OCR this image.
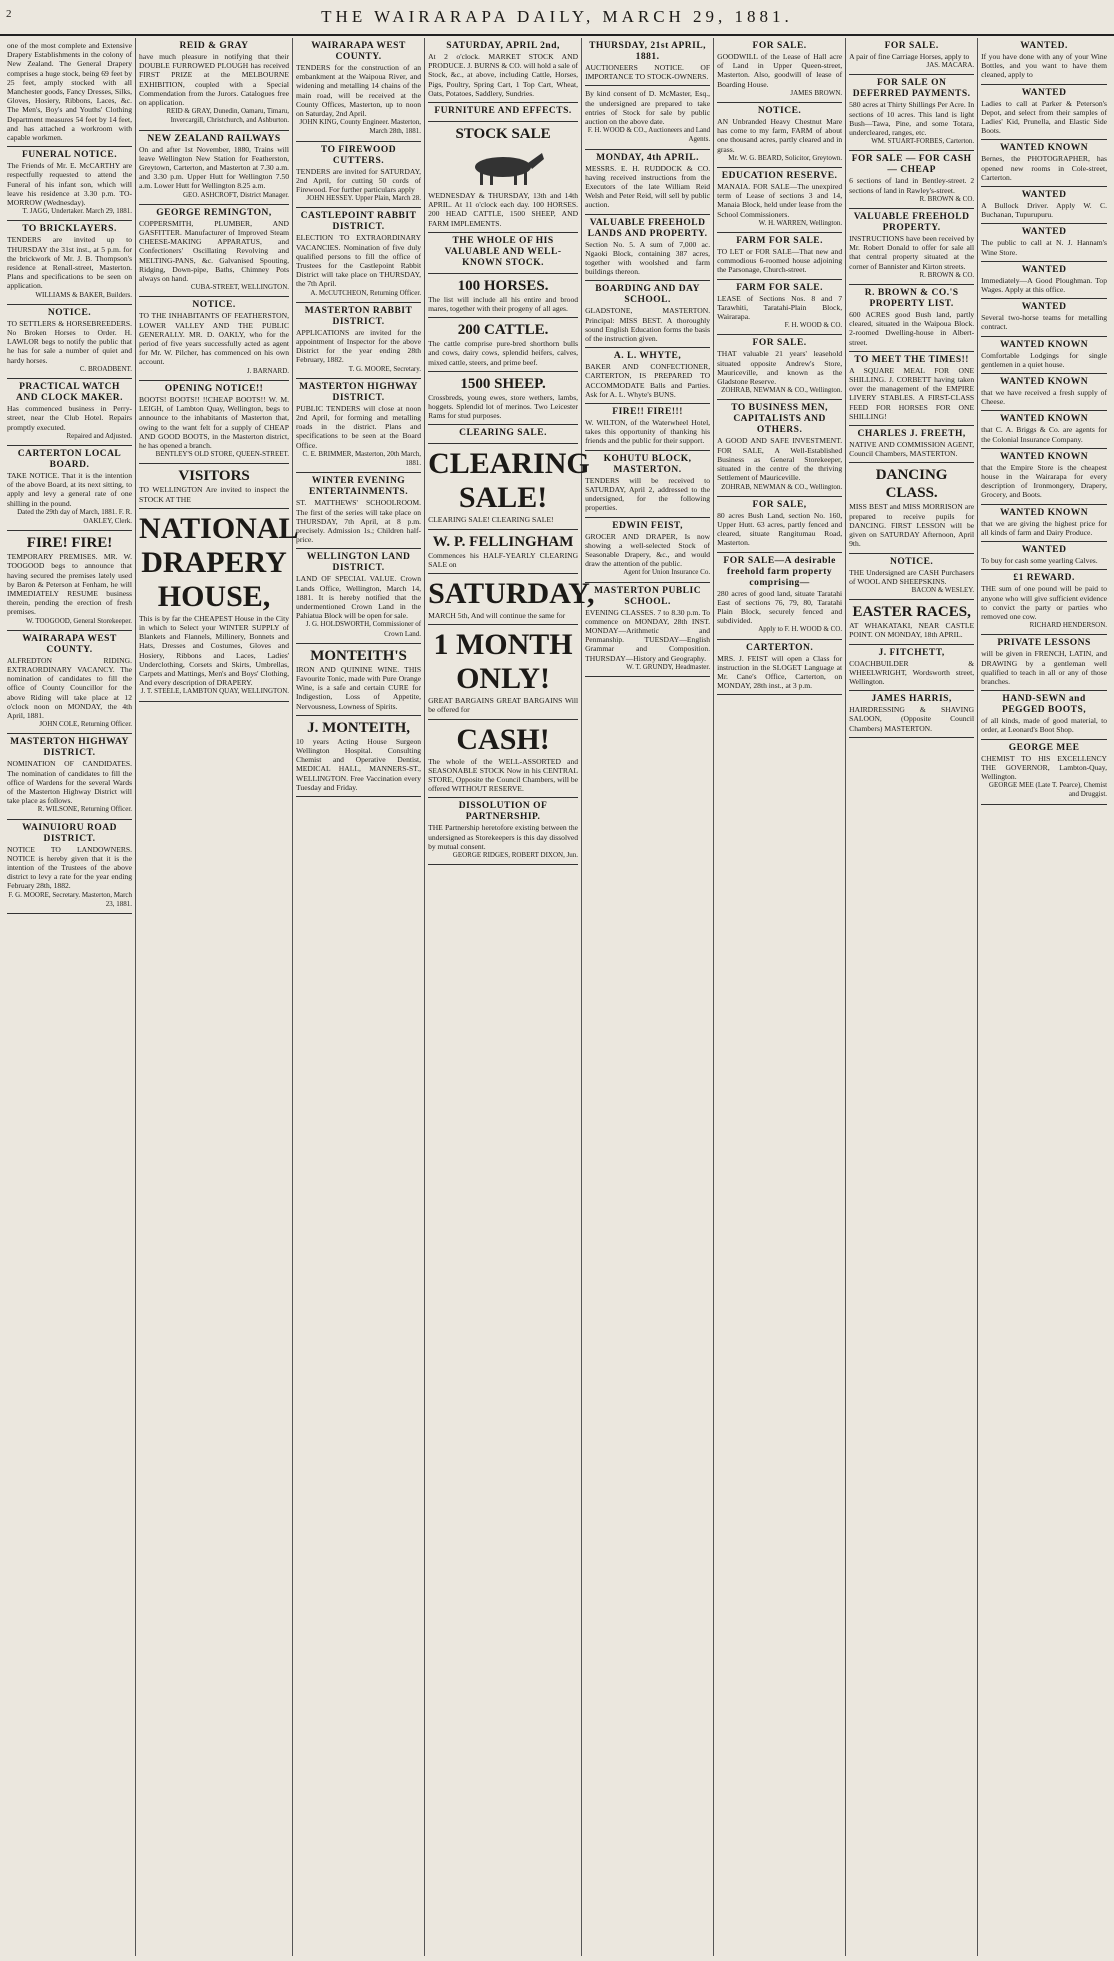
2	THE WAIRARAPA DAILY, MARCH 29, 1881.

one of the most complete and Extensive Drapery Establishments in the colony of New Zealand. The General Drapery comprises a huge stock, being 69 feet by 25 feet, amply stocked with all Manchester goods, Fancy Dresses, Silks, Gloves, Hosiery, Ribbons, Laces, &c. The Men's, Boy's and Youths' Clothing Department measures 54 feet by 14 feet, and has attached a workroom with capable workmen.

FUNERAL NOTICE.

The Friends of Mr. E. McCARTHY are respectfully requested to attend the Funeral of his infant son, which will leave his residence at 3.30 p.m. TO-MORROW (Wednesday).

T. JAGG, Undertaker. March 29, 1881.
TO BRICKLAYERS.

TENDERS are invited up to THURSDAY the 31st inst., at 5 p.m. for the brickwork of Mr. J. B. Thompson's residence at Renall-street, Masterton. Plans and specifications to be seen on application.

WILLIAMS & BAKER, Builders.
NOTICE.

TO SETTLERS & HORSEBREEDERS. No Broken Horses to Order. H. LAWLOR begs to notify the public that he has for sale a number of quiet and hardy horses.

C. BROADBENT.
PRACTICAL WATCH AND CLOCK MAKER.

Has commenced business in Perry-street, near the Club Hotel. Repairs promptly executed.

Repaired and Adjusted.
CARTERTON LOCAL BOARD.

TAKE NOTICE. That it is the intention of the above Board, at its next sitting, to apply and levy a general rate of one shilling in the pound.

Dated the 29th day of March, 1881. F. R. OAKLEY, Clerk.
FIRE! FIRE!

TEMPORARY PREMISES. MR. W. TOOGOOD begs to announce that having secured the premises lately used by Baron & Peterson at Fenham, he will IMMEDIATELY RESUME business therein, pending the erection of fresh premises.

W. TOOGOOD, General Storekeeper.
WAIRARAPA WEST COUNTY.

ALFREDTON RIDING. EXTRAORDINARY VACANCY. The nomination of candidates to fill the office of County Councillor for the above Riding will take place at 12 o'clock noon on MONDAY, the 4th April, 1881.

JOHN COLE, Returning Officer.
MASTERTON HIGHWAY DISTRICT.

NOMINATION OF CANDIDATES. The nomination of candidates to fill the office of Wardens for the several Wards of the Masterton Highway District will take place as follows.

R. WILSONE, Returning Officer.
WAINUIORU ROAD DISTRICT.

NOTICE TO LANDOWNERS. NOTICE is hereby given that it is the intention of the Trustees of the above district to levy a rate for the year ending February 28th, 1882.

F. G. MOORE, Secretary. Masterton, March 23, 1881.
REID & GRAY

have much pleasure in notifying that their DOUBLE FURROWED PLOUGH has received FIRST PRIZE at the MELBOURNE EXHIBITION, coupled with a Special Commendation from the Jurors. Catalogues free on application.

REID & GRAY, Dunedin, Oamaru, Timaru, Invercargill, Christchurch, and Ashburton.
NEW ZEALAND RAILWAYS

On and after 1st November, 1880, Trains will leave Wellington New Station for Featherston, Greytown, Carterton, and Masterton at 7.30 a.m. and 3.30 p.m. Upper Hutt for Wellington 7.50 a.m. Lower Hutt for Wellington 8.25 a.m.

GEO. ASHCROFT, District Manager.
GEORGE REMINGTON,

COPPERSMITH, PLUMBER, AND GASFITTER. Manufacturer of Improved Steam CHEESE-MAKING APPARATUS, and Confectioners' Oscillating Revolving and MELTING-PANS, &c. Galvanised Spouting, Ridging, Down-pipe, Baths, Chimney Pots always on hand.

CUBA-STREET, WELLINGTON.
NOTICE.

TO THE INHABITANTS OF FEATHERSTON, LOWER VALLEY AND THE PUBLIC GENERALLY. MR. D. OAKLY, who for the period of five years successfully acted as agent for Mr. W. Pilcher, has commenced on his own account.

J. BARNARD.
OPENING NOTICE!!

BOOTS! BOOTS!! !!CHEAP BOOTS!! W. M. LEIGH, of Lambton Quay, Wellington, begs to announce to the inhabitants of Masterton that, owing to the want felt for a supply of CHEAP AND GOOD BOOTS, in the Masterton district, he has opened a branch.

BENTLEY'S OLD STORE, QUEEN-STREET.
VISITORS

TO WELLINGTON Are invited to inspect the STOCK AT THE

NATIONAL DRAPERY HOUSE,

This is by far the CHEAPEST House in the City in which to Select your WINTER SUPPLY of Blankets and Flannels, Millinery, Bonnets and Hats, Dresses and Costumes, Gloves and Hosiery, Ribbons and Laces, Ladies' Underclothing, Corsets and Skirts, Umbrellas, Carpets and Mattings, Men's and Boys' Clothing, And every description of DRAPERY.

J. T. STEELE, LAMBTON QUAY, WELLINGTON.
WAIRARAPA WEST COUNTY.

TENDERS for the construction of an embankment at the Waipoua River, and widening and metalling 14 chains of the main road, will be received at the County Offices, Masterton, up to noon on Saturday, 2nd April.

JOHN KING, County Engineer. Masterton, March 28th, 1881.
TO FIREWOOD CUTTERS.

TENDERS are invited for SATURDAY, 2nd April, for cutting 50 cords of Firewood. For further particulars apply

JOHN HESSEY. Upper Plain, March 28.
CASTLEPOINT RABBIT DISTRICT.

ELECTION TO EXTRAORDINARY VACANCIES. Nomination of five duly qualified persons to fill the office of Trustees for the Castlepoint Rabbit District will take place on THURSDAY, the 7th April.

A. McCUTCHEON, Returning Officer.
MASTERTON RABBIT DISTRICT.

APPLICATIONS are invited for the appointment of Inspector for the above District for the year ending 28th February, 1882.

T. G. MOORE, Secretary.
MASTERTON HIGHWAY DISTRICT.

PUBLIC TENDERS will close at noon 2nd April, for forming and metalling roads in the district. Plans and specifications to be seen at the Board Office.

C. E. BRIMMER, Masterton, 20th March, 1881.
WINTER EVENING ENTERTAINMENTS.

ST. MATTHEWS' SCHOOLROOM. The first of the series will take place on THURSDAY, 7th April, at 8 p.m. precisely. Admission 1s.; Children half-price.

WELLINGTON LAND DISTRICT.

LAND OF SPECIAL VALUE. Crown Lands Office, Wellington, March 14, 1881. It is hereby notified that the undermentioned Crown Land in the Pahiatua Block will be open for sale.

J. G. HOLDSWORTH, Commissioner of Crown Land.
MONTEITH'S

IRON AND QUININE WINE. THIS Favourite Tonic, made with Pure Orange Wine, is a safe and certain CURE for Indigestion, Loss of Appetite, Nervousness, Lowness of Spirits.

J. MONTEITH,

10 years Acting House Surgeon Wellington Hospital. Consulting Chemist and Operative Dentist, MEDICAL HALL, MANNERS-ST., WELLINGTON. Free Vaccination every Tuesday and Friday.

SATURDAY, APRIL 2nd,

At 2 o'clock. MARKET STOCK AND PRODUCE. J. BURNS & CO. will hold a sale of Stock, &c., at above, including Cattle, Horses, Pigs, Poultry, Spring Cart, 1 Top Cart, Wheat, Oats, Potatoes, Saddlery, Sundries.

FURNITURE AND EFFECTS.
STOCK SALE

WEDNESDAY & THURSDAY, 13th and 14th APRIL. At 11 o'clock each day. 100 HORSES. 200 HEAD CATTLE, 1500 SHEEP, AND FARM IMPLEMENTS.

THE WHOLE OF HIS VALUABLE AND WELL-KNOWN STOCK.
100 HORSES.

The list will include all his entire and brood mares, together with their progeny of all ages.

200 CATTLE.

The cattle comprise pure-bred shorthorn bulls and cows, dairy cows, splendid heifers, calves, mixed cattle, steers, and prime beef.

1500 SHEEP.

Crossbreds, young ewes, store wethers, lambs, hoggets. Splendid lot of merinos. Two Leicester Rams for stud purposes.

CLEARING SALE.
CLEARING SALE!

CLEARING SALE! CLEARING SALE!

W. P. FELLINGHAM

Commences his HALF-YEARLY CLEARING SALE on

SATURDAY,

MARCH 5th, And will continue the same for

1 MONTH ONLY!

GREAT BARGAINS GREAT BARGAINS Will be offered for

CASH!

The whole of the WELL-ASSORTED and SEASONABLE STOCK Now in his CENTRAL STORE, Opposite the Council Chambers, will be offered WITHOUT RESERVE.

DISSOLUTION OF PARTNERSHIP.

THE Partnership heretofore existing between the undersigned as Storekeepers is this day dissolved by mutual consent.

GEORGE RIDGES, ROBERT DIXON, Jun.
THURSDAY, 21st APRIL, 1881.

AUCTIONEERS NOTICE. OF IMPORTANCE TO STOCK-OWNERS.

By kind consent of D. McMaster, Esq., the undersigned are prepared to take entries of Stock for sale by public auction on the above date.

F. H. WOOD & CO., Auctioneers and Land Agents.
MONDAY, 4th APRIL.

MESSRS. E. H. RUDDOCK & CO. having received instructions from the Executors of the late William Reid Welsh and Peter Reid, will sell by public auction.

VALUABLE FREEHOLD LANDS AND PROPERTY.

Section No. 5. A sum of 7,000 ac. Ngaoki Block, containing 387 acres, together with woolshed and farm buildings thereon.

BOARDING AND DAY SCHOOL.

GLADSTONE, MASTERTON. Principal: MISS BEST. A thoroughly sound English Education forms the basis of the instruction given.

A. L. WHYTE,

BAKER AND CONFECTIONER, CARTERTON, IS PREPARED TO ACCOMMODATE Balls and Parties. Ask for A. L. Whyte's BUNS.

FIRE!! FIRE!!!

W. WILTON, of the Waterwheel Hotel, takes this opportunity of thanking his friends and the public for their support.

KOHUTU BLOCK, MASTERTON.

TENDERS will be received to SATURDAY, April 2, addressed to the undersigned, for the following properties.

EDWIN FEIST,

GROCER AND DRAPER, Is now showing a well-selected Stock of Seasonable Drapery, &c., and would draw the attention of the public.

Agent for Union Insurance Co.
MASTERTON PUBLIC SCHOOL.

EVENING CLASSES. 7 to 8.30 p.m. To commence on MONDAY, 28th INST. MONDAY—Arithmetic and Penmanship. TUESDAY—English Grammar and Composition. THURSDAY—History and Geography.

W. T. GRUNDY, Headmaster.
FOR SALE.

GOODWILL of the Lease of Hall acre of Land in Upper Queen-street, Masterton. Also, goodwill of lease of Boarding House.

JAMES BROWN.
NOTICE.

AN Unbranded Heavy Chestnut Mare has come to my farm, FARM of about one thousand acres, partly cleared and in grass.

Mr. W. G. BEARD, Solicitor, Greytown.
EDUCATION RESERVE.

MANAIA. FOR SALE—The unexpired term of Lease of sections 3 and 14, Manaia Block, held under lease from the School Commissioners.

W. H. WARREN, Wellington.
FARM FOR SALE.

TO LET or FOR SALE—That new and commodious 6-roomed house adjoining the Parsonage, Church-street.

FARM FOR SALE.

LEASE of Sections Nos. 8 and 7 Tarawhiti, Taratahi-Plain Block, Wairarapa.

F. H. WOOD & CO.
FOR SALE.

THAT valuable 21 years' leasehold situated opposite Andrew's Store, Mauriceville, and known as the Gladstone Reserve.

ZOHRAB, NEWMAN & CO., Wellington.
TO BUSINESS MEN, CAPITALISTS AND OTHERS.

A GOOD AND SAFE INVESTMENT. FOR SALE, A Well-Established Business as General Storekeeper, situated in the centre of the thriving Settlement of Mauriceville.

ZOHRAB, NEWMAN & CO., Wellington.
FOR SALE,

80 acres Bush Land, section No. 160, Upper Hutt. 63 acres, partly fenced and cleared, situate Rangitumau Road, Masterton.

FOR SALE—A desirable freehold farm property comprising—

280 acres of good land, situate Taratahi East of sections 76, 79, 80, Taratahi Plain Block, securely fenced and subdivided.

Apply to F. H. WOOD & CO.
CARTERTON.

MRS. J. FEIST will open a Class for instruction in the SLOGET Language at Mr. Cane's Office, Carterton, on MONDAY, 28th inst., at 3 p.m.

FOR SALE.

A pair of fine Carriage Horses, apply to

JAS. MACARA.
FOR SALE ON DEFERRED PAYMENTS.

580 acres at Thirty Shillings Per Acre. In sections of 10 acres. This land is light Bush—Tawa, Pine, and some Totara, undercleared, ranges, etc.

WM. STUART-FORBES, Carterton.
FOR SALE — FOR CASH — CHEAP

6 sections of land in Bentley-street. 2 sections of land in Rawley's-street.

R. BROWN & CO.
VALUABLE FREEHOLD PROPERTY.

INSTRUCTIONS have been received by Mr. Robert Donald to offer for sale all that central property situated at the corner of Bannister and Kirton streets.

R. BROWN & CO.
R. BROWN & CO.'S PROPERTY LIST.

600 ACRES good Bush land, partly cleared, situated in the Waipoua Block. 2-roomed Dwelling-house in Albert-street.

TO MEET THE TIMES!!

A SQUARE MEAL FOR ONE SHILLING. J. CORBETT having taken over the management of the EMPIRE LIVERY STABLES. A FIRST-CLASS FEED FOR HORSES FOR ONE SHILLING!

CHARLES J. FREETH,

NATIVE AND COMMISSION AGENT, Council Chambers, MASTERTON.

DANCING CLASS.

MISS BEST and MISS MORRISON are prepared to receive pupils for DANCING. FIRST LESSON will be given on SATURDAY Afternoon, April 9th.

NOTICE.

THE Undersigned are CASH Purchasers of WOOL AND SHEEPSKINS.

BACON & WESLEY.
EASTER RACES,

AT WHAKATAKI, NEAR CASTLE POINT. ON MONDAY, 18th APRIL.

J. FITCHETT,

COACHBUILDER & WHEELWRIGHT, Wordsworth street, Wellington.

JAMES HARRIS,

HAIRDRESSING & SHAVING SALOON, (Opposite Council Chambers) MASTERTON.

WANTED.

If you have done with any of your Wine Bottles, and you want to have them cleaned, apply to

WANTED

Ladies to call at Parker & Peterson's Depot, and select from their samples of Ladies' Kid, Prunella, and Elastic Side Boots.

WANTED KNOWN

Bernes, the PHOTOGRAPHER, has opened new rooms in Cole-street, Carterton.

WANTED

A Bullock Driver. Apply W. C. Buchanan, Tupurupuru.

WANTED

The public to call at N. J. Hannam's Wine Store.

WANTED

Immediately—A Good Ploughman. Top Wages. Apply at this office.

WANTED

Several two-horse teams for metalling contract.

WANTED KNOWN

Comfortable Lodgings for single gentlemen in a quiet house.

WANTED KNOWN

that we have received a fresh supply of Cheese.

WANTED KNOWN

that C. A. Briggs & Co. are agents for the Colonial Insurance Company.

WANTED KNOWN

that the Empire Store is the cheapest house in the Wairarapa for every description of Ironmongery, Drapery, Grocery, and Boots.

WANTED KNOWN

that we are giving the highest price for all kinds of farm and Dairy Produce.

WANTED

To buy for cash some yearling Calves.

£1 REWARD.

THE sum of one pound will be paid to anyone who will give sufficient evidence to convict the party or parties who removed one cow.

RICHARD HENDERSON.
PRIVATE LESSONS

will be given in FRENCH, LATIN, and DRAWING by a gentleman well qualified to teach in all or any of those branches.

HAND-SEWN and PEGGED BOOTS,

of all kinds, made of good material, to order, at Leonard's Boot Shop.

GEORGE MEE

CHEMIST TO HIS EXCELLENCY THE GOVERNOR, Lambton-Quay, Wellington.

GEORGE MEE (Late T. Pearce), Chemist and Druggist.
